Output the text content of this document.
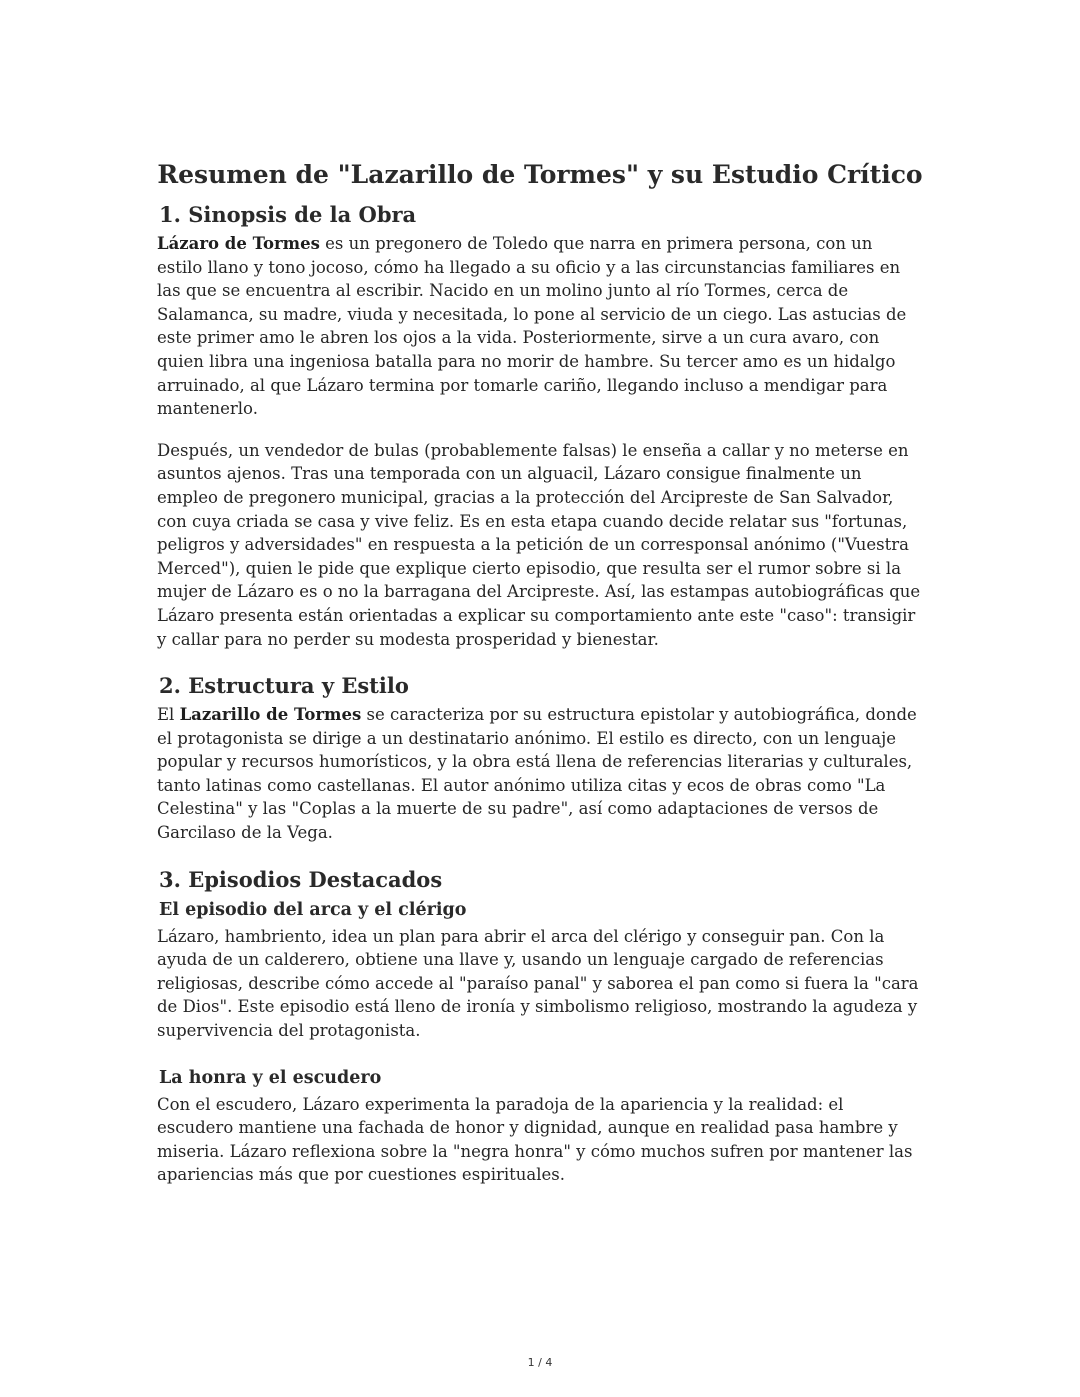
Resumen de "Lazarillo de Tormes" y su Estudio Crítico
1. Sinopsis de la Obra

Lázaro de Tormes es un pregonero de Toledo que narra en primera persona, con un estilo llano y tono jocoso, cómo ha llegado a su oficio y a las circunstancias familiares en las que se encuentra al escribir. Nacido en un molino junto al río Tormes, cerca de Salamanca, su madre, viuda y necesitada, lo pone al servicio de un ciego. Las astucias de este primer amo le abren los ojos a la vida. Posteriormente, sirve a un cura avaro, con quien libra una ingeniosa batalla para no morir de hambre. Su tercer amo es un hidalgo arruinado, al que Lázaro termina por tomarle cariño, llegando incluso a mendigar para mantenerlo.

Después, un vendedor de bulas (probablemente falsas) le enseña a callar y no meterse en asuntos ajenos. Tras una temporada con un alguacil, Lázaro consigue finalmente un empleo de pregonero municipal, gracias a la protección del Arcipreste de San Salvador, con cuya criada se casa y vive feliz. Es en esta etapa cuando decide relatar sus "fortunas, peligros y adversidades" en respuesta a la petición de un corresponsal anónimo ("Vuestra Merced"), quien le pide que explique cierto episodio, que resulta ser el rumor sobre si la mujer de Lázaro es o no la barragana del Arcipreste. Así, las estampas autobiográficas que Lázaro presenta están orientadas a explicar su comportamiento ante este "caso": transigir y callar para no perder su modesta prosperidad y bienestar.

2. Estructura y Estilo

El Lazarillo de Tormes se caracteriza por su estructura epistolar y autobiográfica, donde el protagonista se dirige a un destinatario anónimo. El estilo es directo, con un lenguaje popular y recursos humorísticos, y la obra está llena de referencias literarias y culturales, tanto latinas como castellanas. El autor anónimo utiliza citas y ecos de obras como "La Celestina" y las "Coplas a la muerte de su padre", así como adaptaciones de versos de Garcilaso de la Vega.

3. Episodios Destacados
El episodio del arca y el clérigo

Lázaro, hambriento, idea un plan para abrir el arca del clérigo y conseguir pan. Con la ayuda de un calderero, obtiene una llave y, usando un lenguaje cargado de referencias religiosas, describe cómo accede al "paraíso panal" y saborea el pan como si fuera la "cara de Dios". Este episodio está lleno de ironía y simbolismo religioso, mostrando la agudeza y supervivencia del protagonista.

La honra y el escudero

Con el escudero, Lázaro experimenta la paradoja de la apariencia y la realidad: el escudero mantiene una fachada de honor y dignidad, aunque en realidad pasa hambre y miseria. Lázaro reflexiona sobre la "negra honra" y cómo muchos sufren por mantener las apariencias más que por cuestiones espirituales.

1 / 4
